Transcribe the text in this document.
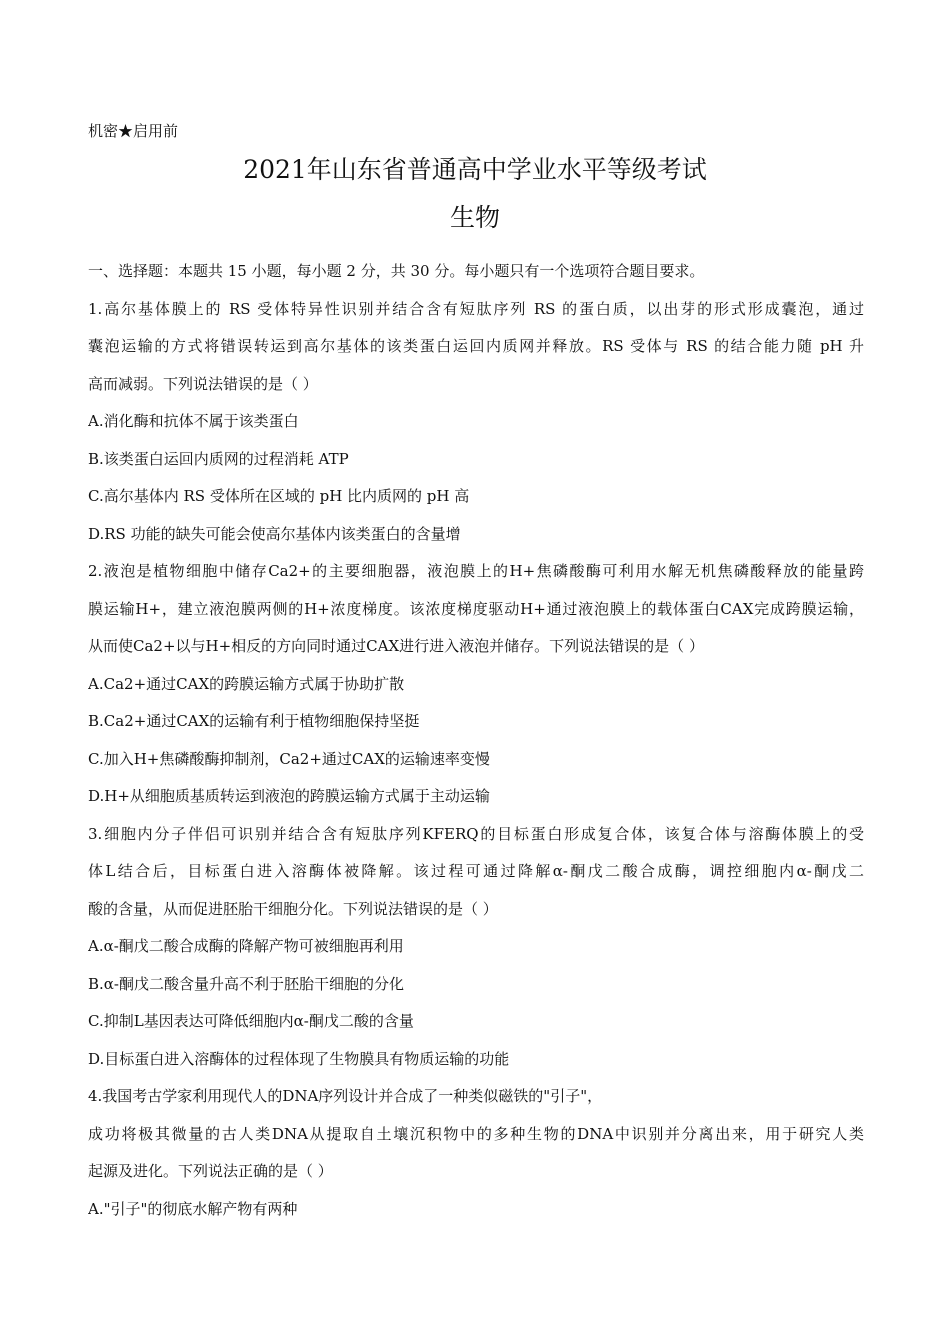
机密★启用前
2021年山东省普通高中学业水平等级考试
生物
一、选择题：本题共 15 小题，每小题 2 分，共 30 分。每小题只有一个选项符合题目要求。
1.高尔基体膜上的 RS 受体特异性识别并结合含有短肽序列 RS 的蛋白质，以出芽的形式形成囊泡，通过
囊泡运输的方式将错误转运到高尔基体的该类蛋白运回内质网并释放。RS 受体与 RS 的结合能力随 pH 升
高而减弱。下列说法错误的是（ ）
A.消化酶和抗体不属于该类蛋白
B.该类蛋白运回内质网的过程消耗 ATP
C.高尔基体内 RS 受体所在区域的 pH 比内质网的 pH 高
D.RS 功能的缺失可能会使高尔基体内该类蛋白的含量增
2.液泡是植物细胞中储存Ca2+的主要细胞器，液泡膜上的H+焦磷酸酶可利用水解无机焦磷酸释放的能量跨
膜运输H+，建立液泡膜两侧的H+浓度梯度。该浓度梯度驱动H+通过液泡膜上的载体蛋白CAX完成跨膜运输，
从而使Ca2+以与H+相反的方向同时通过CAX进行进入液泡并储存。下列说法错误的是（ ）
A.Ca2+通过CAX的跨膜运输方式属于协助扩散
B.Ca2+通过CAX的运输有利于植物细胞保持坚挺
C.加入H+焦磷酸酶抑制剂，Ca2+通过CAX的运输速率变慢
D.H+从细胞质基质转运到液泡的跨膜运输方式属于主动运输
3.细胞内分子伴侣可识别并结合含有短肽序列KFERQ的目标蛋白形成复合体，该复合体与溶酶体膜上的受
体L结合后，目标蛋白进入溶酶体被降解。该过程可通过降解α-酮戊二酸合成酶，调控细胞内α-酮戊二
酸的含量，从而促进胚胎干细胞分化。下列说法错误的是（ ）
A.α-酮戊二酸合成酶的降解产物可被细胞再利用
B.α-酮戊二酸含量升高不利于胚胎干细胞的分化
C.抑制L基因表达可降低细胞内α-酮戊二酸的含量
D.目标蛋白进入溶酶体的过程体现了生物膜具有物质运输的功能
4.我国考古学家利用现代人的DNA序列设计并合成了一种类似磁铁的"引子"，
成功将极其微量的古人类DNA从提取自土壤沉积物中的多种生物的DNA中识别并分离出来，用于研究人类
起源及进化。下列说法正确的是（ ）
A."引子"的彻底水解产物有两种
